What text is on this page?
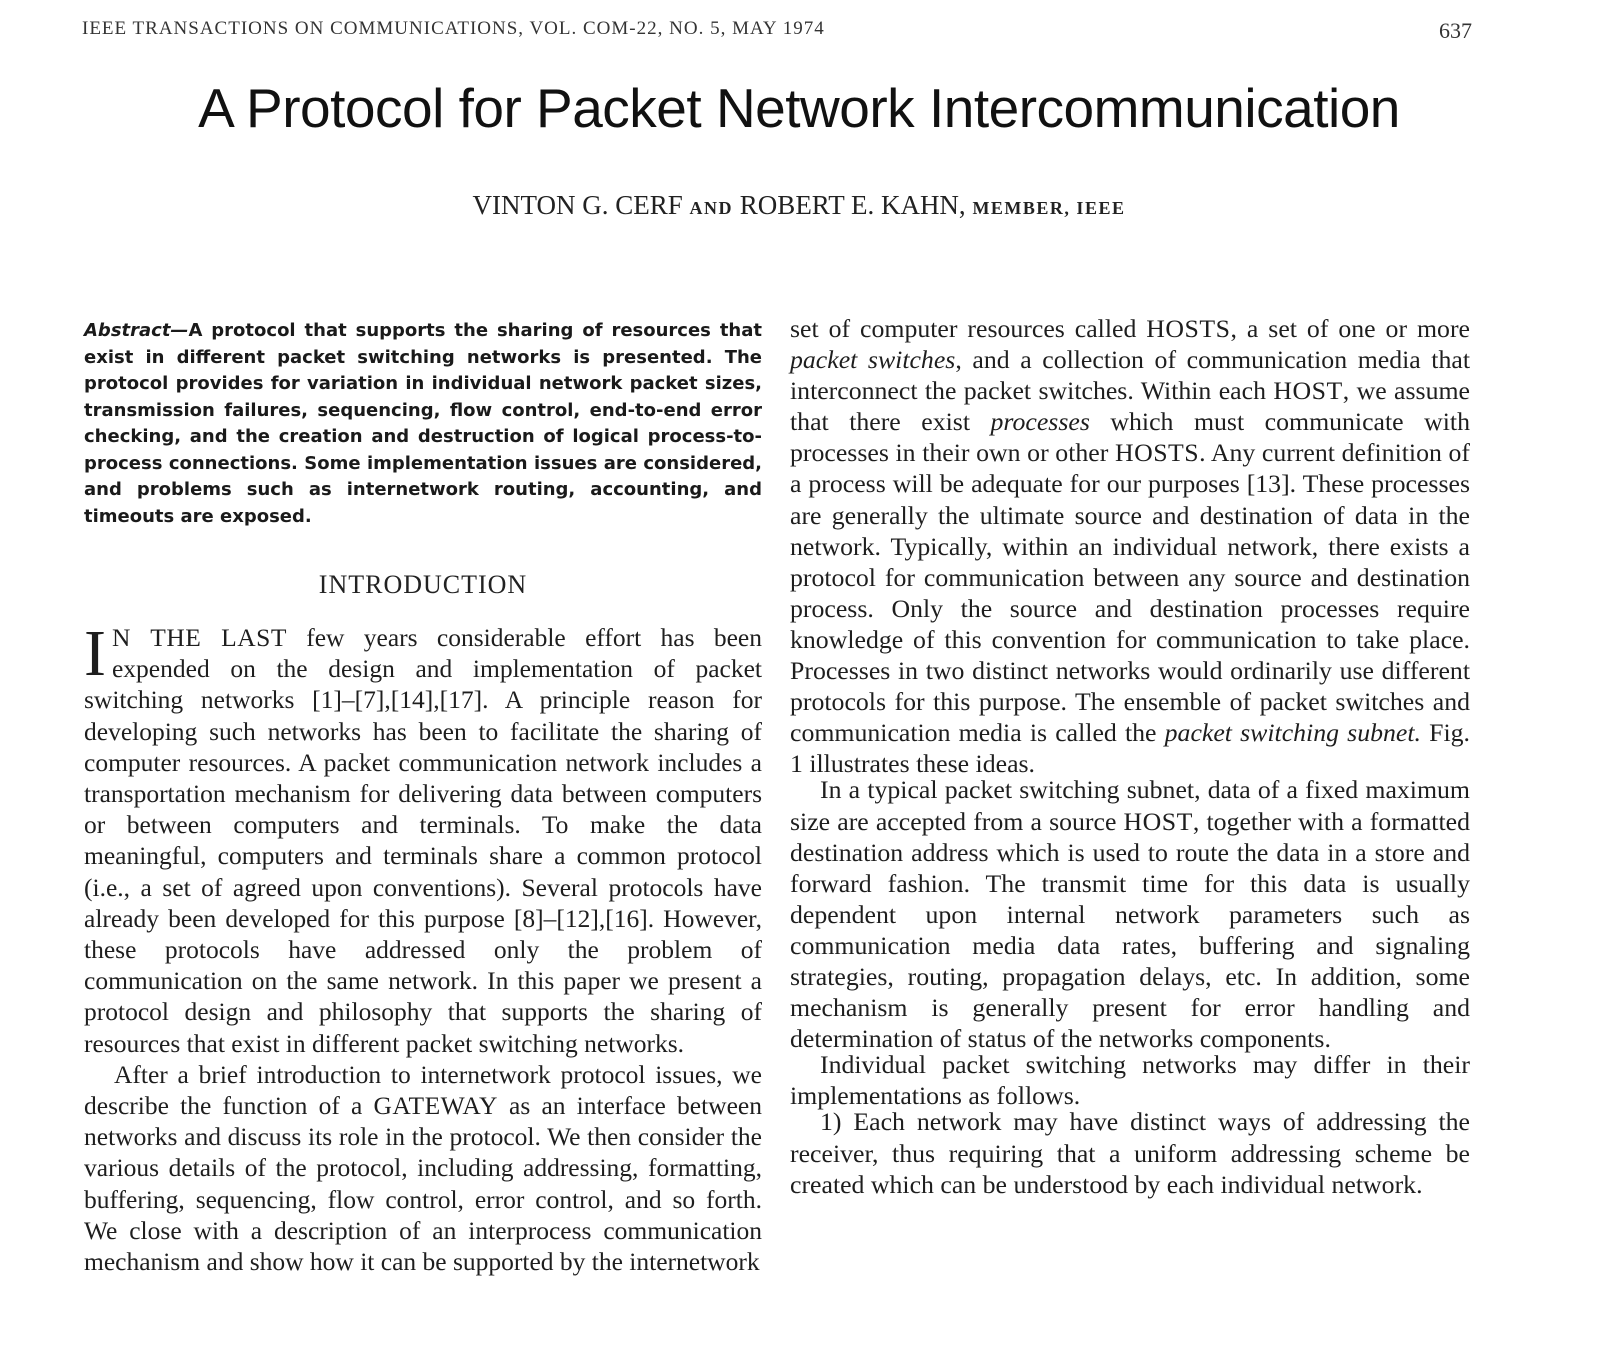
IEEE TRANSACTIONS ON COMMUNICATIONS, VOL. COM-22, NO. 5, MAY 1974	637
A Protocol for Packet Network Intercommunication
VINTON G. CERF AND ROBERT E. KAHN, MEMBER, IEEE

Abstract—A protocol that supports the sharing of resources that exist in different packet switching networks is presented. The protocol provides for variation in individual network packet sizes, transmission failures, sequencing, flow control, end-to-end error checking, and the creation and destruction of logical process-to-process connections. Some implementation issues are considered, and problems such as internetwork routing, accounting, and timeouts are exposed.

INTRODUCTION

I N THE LAST few years considerable effort has been expended on the design and implementation of packet switching networks [1]–[7],[14],[17]. A principle reason for developing such networks has been to facilitate the sharing of computer resources. A packet communication network includes a transportation mechanism for delivering data between computers or between computers and terminals. To make the data meaningful, computers and terminals share a common protocol (i.e., a set of agreed upon conventions). Several protocols have already been developed for this purpose [8]–[12],[16]. However, these protocols have addressed only the problem of communication on the same network. In this paper we present a protocol design and philosophy that supports the sharing of resources that exist in different packet switching networks.

After a brief introduction to internetwork protocol issues, we describe the function of a GATEWAY as an interface between networks and discuss its role in the protocol. We then consider the various details of the protocol, including addressing, formatting, buffering, sequencing, flow control, error control, and so forth. We close with a description of an interprocess communication mechanism and show how it can be supported by the internetwork

set of computer resources called HOSTS, a set of one or more packet switches, and a collection of communication media that interconnect the packet switches. Within each HOST, we assume that there exist processes which must communicate with processes in their own or other HOSTS. Any current definition of a process will be adequate for our purposes [13]. These processes are generally the ultimate source and destination of data in the network. Typically, within an individual network, there exists a protocol for communication between any source and destination process. Only the source and destination processes require knowledge of this convention for communication to take place. Processes in two distinct networks would ordinarily use different protocols for this purpose. The ensemble of packet switches and communication media is called the packet switching subnet. Fig. 1 illustrates these ideas.

In a typical packet switching subnet, data of a fixed maximum size are accepted from a source HOST, together with a formatted destination address which is used to route the data in a store and forward fashion. The transmit time for this data is usually dependent upon internal network parameters such as communication media data rates, buffering and signaling strategies, routing, propagation delays, etc. In addition, some mechanism is generally present for error handling and determination of status of the networks components.

Individual packet switching networks may differ in their implementations as follows.

1) Each network may have distinct ways of addressing the receiver, thus requiring that a uniform addressing scheme be created which can be understood by each individual network.
